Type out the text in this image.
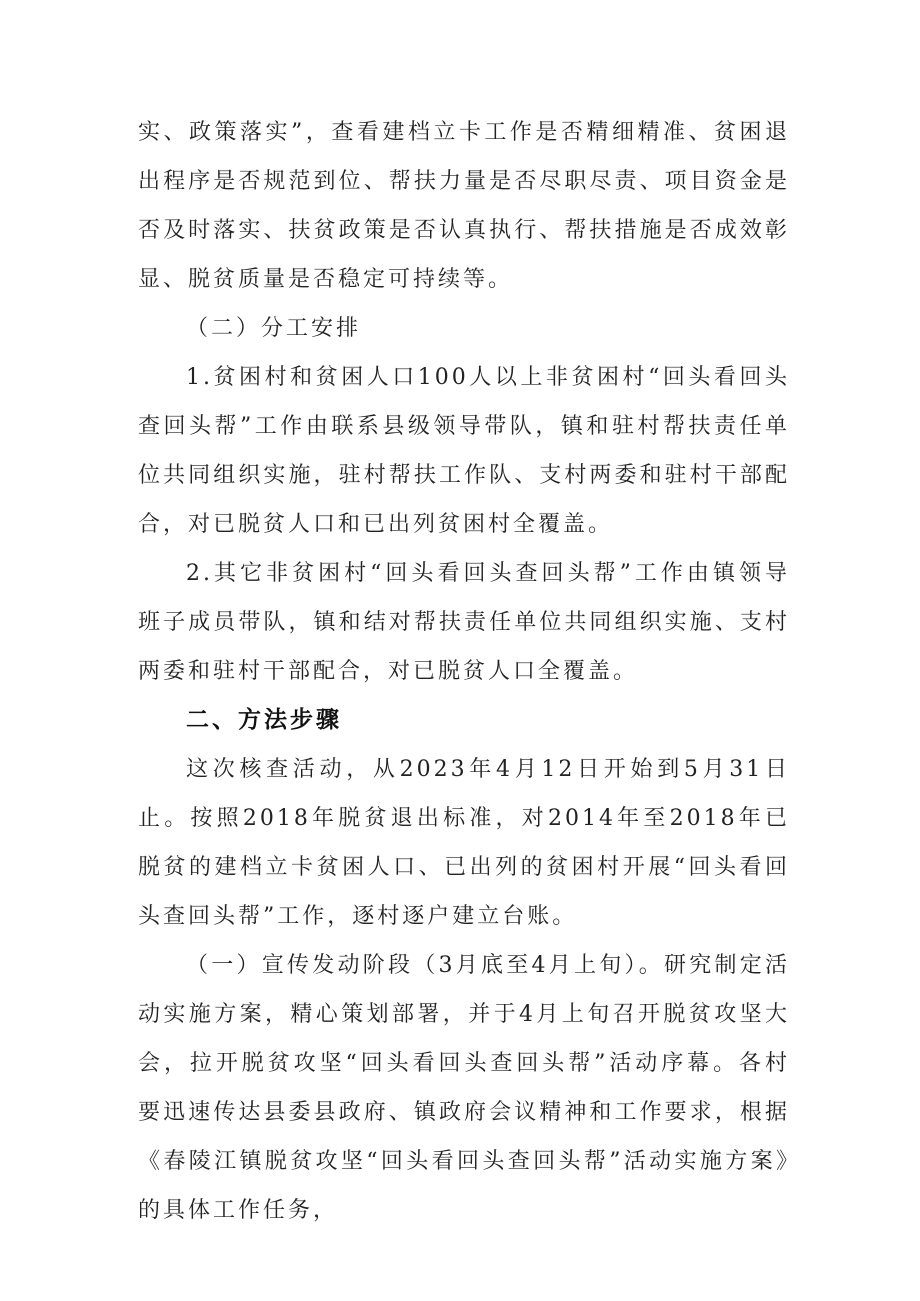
实、政策落实”，查看建档立卡工作是否精细精准、贫困退出程序是否规范到位、帮扶力量是否尽职尽责、项目资金是否及时落实、扶贫政策是否认真执行、帮扶措施是否成效彰显、脱贫质量是否稳定可持续等。

（二）分工安排

1.贫困村和贫困人口100人以上非贫困村“回头看回头查回头帮”工作由联系县级领导带队，镇和驻村帮扶责任单位共同组织实施，驻村帮扶工作队、支村两委和驻村干部配合，对已脱贫人口和已出列贫困村全覆盖。

2.其它非贫困村“回头看回头查回头帮”工作由镇领导班子成员带队，镇和结对帮扶责任单位共同组织实施、支村两委和驻村干部配合，对已脱贫人口全覆盖。

二、方法步骤

这次核查活动，从2023年4月12日开始到5月31日止。按照2018年脱贫退出标准，对2014年至2018年已脱贫的建档立卡贫困人口、已出列的贫困村开展“回头看回头查回头帮”工作，逐村逐户建立台账。

（一）宣传发动阶段（3月底至4月上旬）。研究制定活动实施方案，精心策划部署，并于4月上旬召开脱贫攻坚大会，拉开脱贫攻坚“回头看回头查回头帮”活动序幕。各村要迅速传达县委县政府、镇政府会议精神和工作要求，根据《春陵江镇脱贫攻坚“回头看回头查回头帮”活动实施方案》的具体工作任务，
